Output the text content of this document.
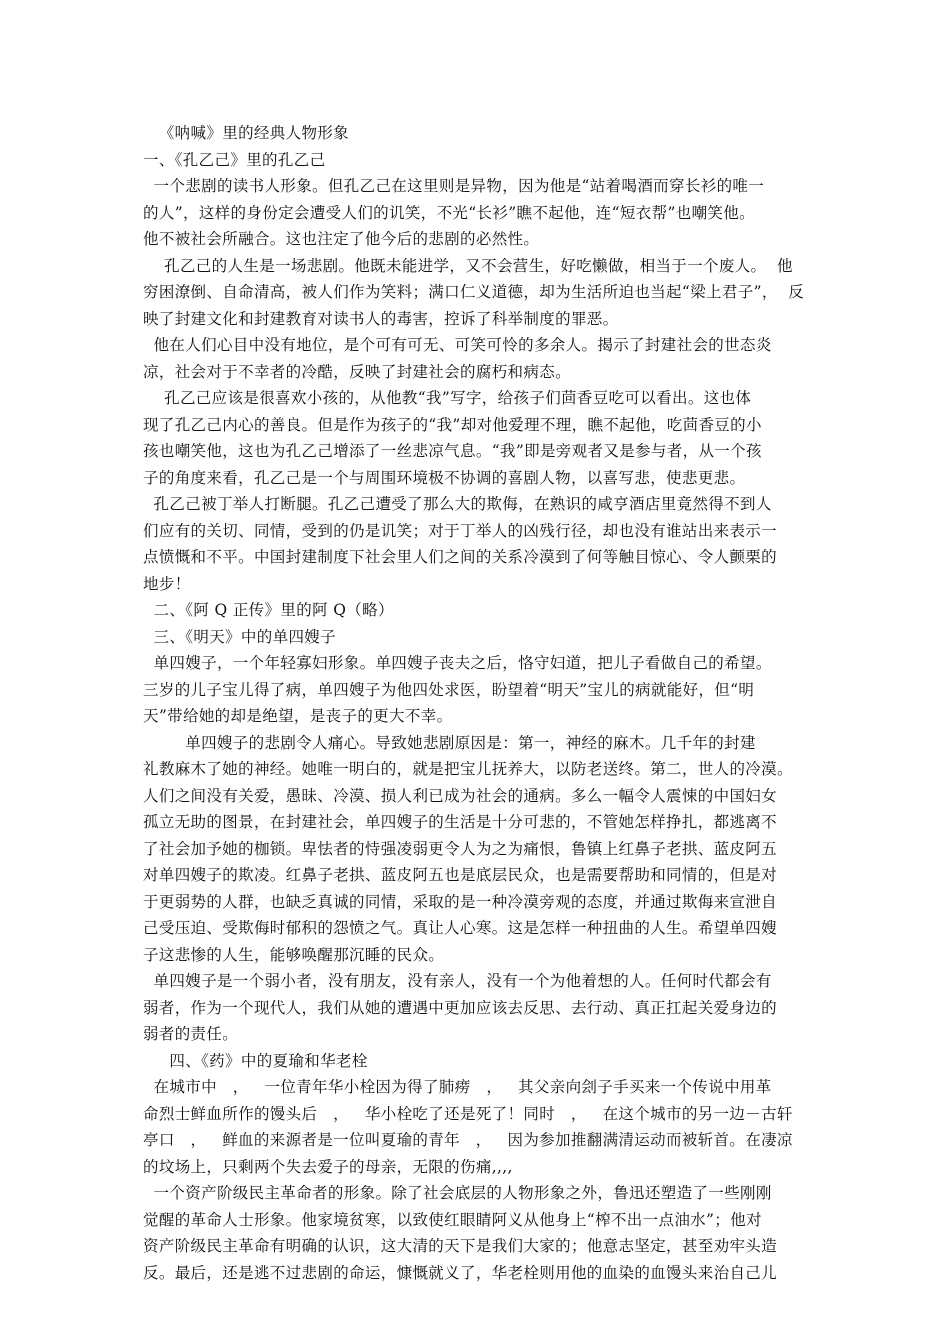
《呐喊》里的经典人物形象
一、《孔乙己》里的孔乙己
一个悲剧的读书人形象。但孔乙己在这里则是异物，因为他是“站着喝酒而穿长衫的唯一
的人”，这样的身份定会遭受人们的讥笑，不光“长衫”瞧不起他，连“短衣帮”也嘲笑他。
他不被社会所融合。这也注定了他今后的悲剧的必然性。
孔乙己的人生是一场悲剧。他既未能进学，又不会营生，好吃懒做，相当于一个废人。  他
穷困潦倒、自命清高，被人们作为笑料；满口仁义道德，却为生活所迫也当起“梁上君子”，  反
映了封建文化和封建教育对读书人的毒害，控诉了科举制度的罪恶。
他在人们心目中没有地位，是个可有可无、可笑可怜的多余人。揭示了封建社会的世态炎
凉，社会对于不幸者的冷酷，反映了封建社会的腐朽和病态。
孔乙己应该是很喜欢小孩的，从他教“我”写字，给孩子们茴香豆吃可以看出。这也体
现了孔乙己内心的善良。但是作为孩子的“我”却对他爱理不理，瞧不起他，吃茴香豆的小
孩也嘲笑他，这也为孔乙己增添了一丝悲凉气息。“我”即是旁观者又是参与者，从一个孩
子的角度来看，孔乙己是一个与周围环境极不协调的喜剧人物，以喜写悲，使悲更悲。
孔乙己被丁举人打断腿。孔乙己遭受了那么大的欺侮，在熟识的咸亨酒店里竟然得不到人
们应有的关切、同情，受到的仍是讥笑；对于丁举人的凶残行径，却也没有谁站出来表示一
点愤慨和不平。中国封建制度下社会里人们之间的关系冷漠到了何等触目惊心、令人颤栗的
地步！
二、《阿 Q 正传》里的阿 Q（略）
三、《明天》中的单四嫂子
单四嫂子，一个年轻寡妇形象。单四嫂子丧夫之后，恪守妇道，把儿子看做自己的希望。
三岁的儿子宝儿得了病，单四嫂子为他四处求医，盼望着“明天”宝儿的病就能好，但“明
天”带给她的却是绝望，是丧子的更大不幸。
单四嫂子的悲剧令人痛心。导致她悲剧原因是：第一，神经的麻木。几千年的封建
礼教麻木了她的神经。她唯一明白的，就是把宝儿抚养大，以防老送终。第二，世人的冷漠。
人们之间没有关爱，愚昧、冷漠、损人利已成为社会的通病。多么一幅令人震悚的中国妇女
孤立无助的图景，在封建社会，单四嫂子的生活是十分可悲的，不管她怎样挣扎，都逃离不
了社会加予她的枷锁。卑怯者的恃强凌弱更令人为之为痛恨，鲁镇上红鼻子老拱、蓝皮阿五
对单四嫂子的欺凌。红鼻子老拱、蓝皮阿五也是底层民众，也是需要帮助和同情的，但是对
于更弱势的人群，也缺乏真诚的同情，采取的是一种冷漠旁观的态度，并通过欺侮来宣泄自
己受压迫、受欺侮时郁积的怨愤之气。真让人心寒。这是怎样一种扭曲的人生。希望单四嫂
子这悲惨的人生，能够唤醒那沉睡的民众。
单四嫂子是一个弱小者，没有朋友，没有亲人，没有一个为他着想的人。任何时代都会有
弱者，作为一个现代人，我们从她的遭遇中更加应该去反思、去行动、真正扛起关爱身边的
弱者的责任。
四、《药》中的夏瑜和华老栓
在城市中   ，   一位青年华小栓因为得了肺痨   ，   其父亲向刽子手买来一个传说中用革
命烈士鲜血所作的馒头后   ，   华小栓吃了还是死了！同时   ，   在这个城市的另一边－古轩
亭口   ，   鲜血的来源者是一位叫夏瑜的青年   ，   因为参加推翻满清运动而被斩首。在凄凉
的坟场上，只剩两个失去爱子的母亲，无限的伤痛,,,,
一个资产阶级民主革命者的形象。除了社会底层的人物形象之外，鲁迅还塑造了一些刚刚
觉醒的革命人士形象。他家境贫寒，以致使红眼睛阿义从他身上“榨不出一点油水”；他对
资产阶级民主革命有明确的认识，这大清的天下是我们大家的；他意志坚定，甚至劝牢头造
反。最后，还是逃不过悲剧的命运，慷慨就义了，华老栓则用他的血染的血馒头来治自己儿
